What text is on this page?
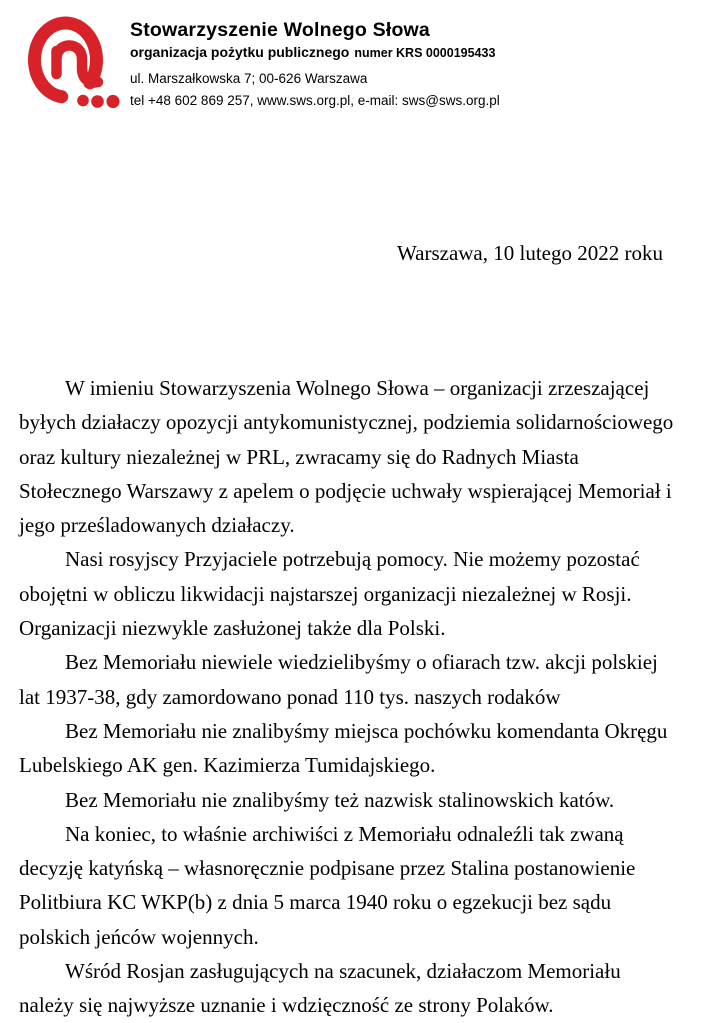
Stowarzyszenie Wolnego Słowa
organizacja pożytku publicznego numer KRS 0000195433
ul. Marszałkowska 7; 00-626 Warszawa
tel +48 602 869 257, www.sws.org.pl, e-mail: sws@sws.org.pl
Warszawa, 10 lutego 2022 roku

W imieniu Stowarzyszenia Wolnego Słowa – organizacji zrzeszającej byłych działaczy opozycji antykomunistycznej, podziemia solidarnościowego oraz kultury niezależnej w PRL, zwracamy się do Radnych Miasta Stołecznego Warszawy z apelem o podjęcie uchwały wspierającej Memoriał i jego prześladowanych działaczy.

Nasi rosyjscy Przyjaciele potrzebują pomocy. Nie możemy pozostać obojętni w obliczu likwidacji najstarszej organizacji niezależnej w Rosji. Organizacji niezwykle zasłużonej także dla Polski.

Bez Memoriału niewiele wiedzielibyśmy o ofiarach tzw. akcji polskiej lat 1937-38, gdy zamordowano ponad 110 tys. naszych rodaków

Bez Memoriału nie znalibyśmy miejsca pochówku komendanta Okręgu Lubelskiego AK gen. Kazimierza Tumidajskiego.

Bez Memoriału nie znalibyśmy też nazwisk stalinowskich katów.

Na koniec, to właśnie archiwiści z Memoriału odnaleźli tak zwaną decyzję katyńską – własnoręcznie podpisane przez Stalina postanowienie Politbiura KC WKP(b) z dnia 5 marca 1940 roku o egzekucji bez sądu polskich jeńców wojennych.

Wśród Rosjan zasługujących na szacunek, działaczom Memoriału należy się najwyższe uznanie i wdzięczność ze strony Polaków.
